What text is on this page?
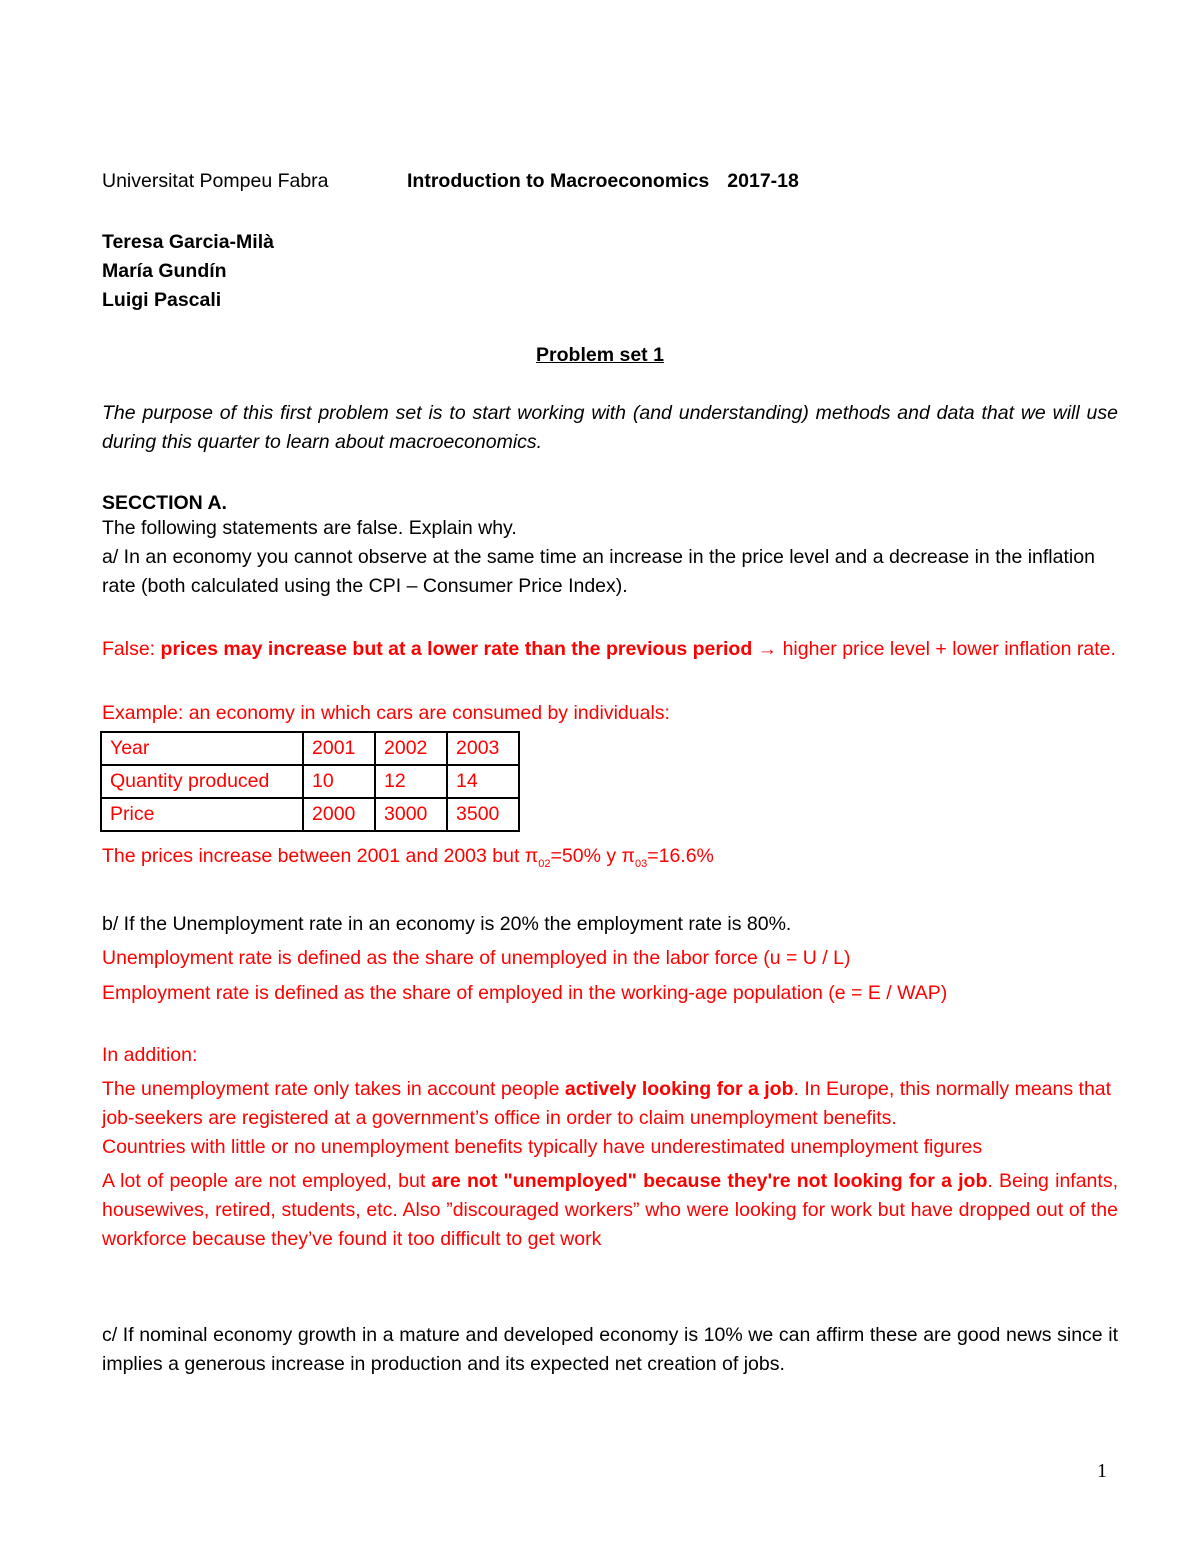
Universitat Pompeu Fabra	Introduction to Macroeconomics 2017-18
Teresa Garcia-Milà
María Gundín
Luigi Pascali
Problem set 1
The purpose of this first problem set is to start working with (and understanding) methods and data that we will use during this quarter to learn about macroeconomics.
SECCTION A.
The following statements are false. Explain why.
a/ In an economy you cannot observe at the same time an increase in the price level and a decrease in the inflation rate (both calculated using the CPI – Consumer Price Index).
False: prices may increase but at a lower rate than the previous period → higher price level + lower inflation rate.
Example: an economy in which cars are consumed by individuals:
Year	2001	2002	2003
Quantity produced	10	12	14
Price	2000	3000	3500
The prices increase between 2001 and 2003 but $\pi_{02}=50\%$ y $\pi_{03}=16.6\%$
b/ If the Unemployment rate in an economy is 20% the employment rate is 80%.
Unemployment rate is defined as the share of unemployed in the labor force (u = U / L)
Employment rate is defined as the share of employed in the working-age population (e = E / WAP)
In addition:
The unemployment rate only takes in account people actively looking for a job. In Europe, this normally means that job-seekers are registered at a government’s office in order to claim unemployment benefits.
Countries with little or no unemployment benefits typically have underestimated unemployment figures
A lot of people are not employed, but are not "unemployed" because they're not looking for a job. Being infants, housewives, retired, students, etc. Also ”discouraged workers” who were looking for work but have dropped out of the workforce because they’ve found it too difficult to get work
c/ If nominal economy growth in a mature and developed economy is 10% we can affirm these are good news since it implies a generous increase in production and its expected net creation of jobs.
1
